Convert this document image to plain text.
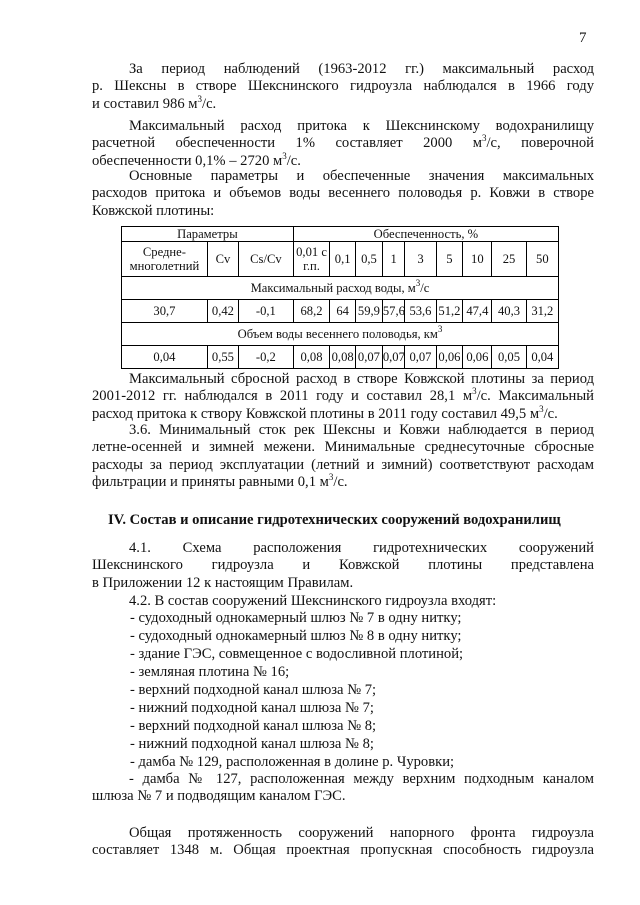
7
За период наблюдений (1963-2012 гг.) максимальный расход
р. Шексны в створе Шекснинского гидроузла наблюдался в 1966 году
и составил 986 $м^3/с$.
Максимальный расход притока к Шекснинскому водохранилищу
расчетной обеспеченности 1% составляет 2000 $м^3/с$, поверочной
обеспеченности 0,1% – 2720 $м^3/с$.
Основные параметры и обеспеченные значения максимальных
расходов притока и объемов воды весеннего половодья р. Ковжи в створе
Ковжской плотины:
Параметры			Обеспеченность, %								
Средне-многолетний	Cv	Cs/Cv	0,01 с г.п.	0,1	0,5	1	3	5	10	25	50
Максимальный расход воды, $м^3/с$											
30,7	0,42	-0,1	68,2	64	59,9	57,6	53,6	51,2	47,4	40,3	31,2
Объем воды весеннего половодья, $км^3$
0,04	0,55	-0,2	0,08	0,08	0,07	0,07	0,07	0,06	0,06	0,05	0,04
Максимальный сбросной расход в створе Ковжской плотины за период
2001-2012 гг. наблюдался в 2011 году и составил 28,1 $м^3/с$. Максимальный
расход притока к створу Ковжской плотины в 2011 году составил 49,5 $м^3/с$.
3.6. Минимальный сток рек Шексны и Ковжи наблюдается в период
летне-осенней и зимней межени. Минимальные среднесуточные сбросные
расходы за период эксплуатации (летний и зимний) соответствуют расходам
фильтрации и приняты равными 0,1 $м^3/с$.
IV. Состав и описание гидротехнических сооружений водохранилищ
4.1. Схема расположения гидротехнических сооружений
Шекснинского гидроузла и Ковжской плотины представлена
в Приложении 12 к настоящим Правилам.
4.2. В состав сооружений Шекснинского гидроузла входят:
- судоходный однокамерный шлюз № 7 в одну нитку;
- судоходный однокамерный шлюз № 8 в одну нитку;
- здание ГЭС, совмещенное с водосливной плотиной;
- земляная плотина № 16;
- верхний подходной канал шлюза № 7;
- нижний подходной канал шлюза № 7;
- верхний подходной канал шлюза № 8;
- нижний подходной канал шлюза № 8;
- дамба № 129, расположенная в долине р. Чуровки;
- дамба № 127, расположенная между верхним подходным каналом
шлюза № 7 и подводящим каналом ГЭС.
Общая протяженность сооружений напорного фронта гидроузла
составляет 1348 м. Общая проектная пропускная способность гидроузла
